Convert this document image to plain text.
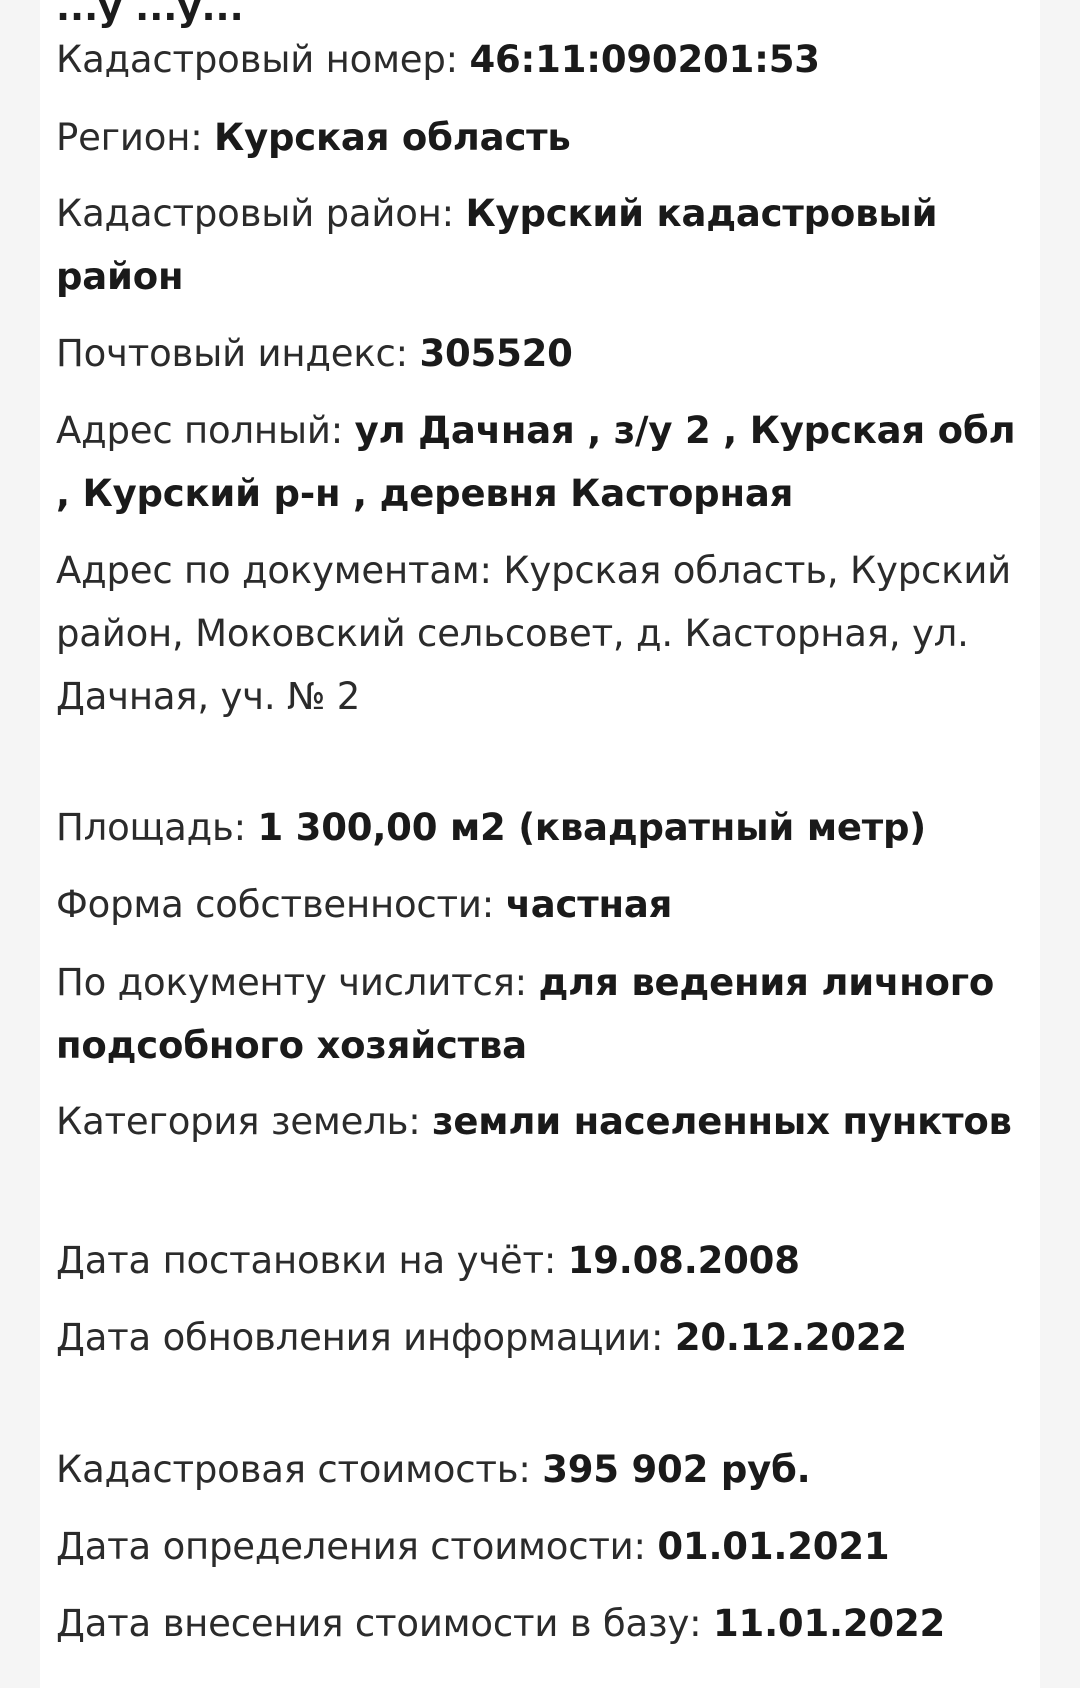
Кадастровый номер: 46:11:090201:53
Регион: Курская область
Кадастровый район: Курский кадастровый район
Почтовый индекс: 305520
Адрес полный: ул Дачная , з/у 2 , Курская обл , Курский р-н , деревня Касторная
Адрес по документам: Курская область, Курский район, Моковский сельсовет, д. Касторная, ул. Дачная, уч. № 2
Площадь: 1 300,00 м2 (квадратный метр)
Форма собственности: частная
По документу числится: для ведения личного подсобного хозяйства
Категория земель: земли населенных пунктов
Дата постановки на учёт: 19.08.2008
Дата обновления информации: 20.12.2022
Кадастровая стоимость: 395 902 руб.
Дата определения стоимости: 01.01.2021
Дата внесения стоимости в базу: 11.01.2022
...у ...у...
